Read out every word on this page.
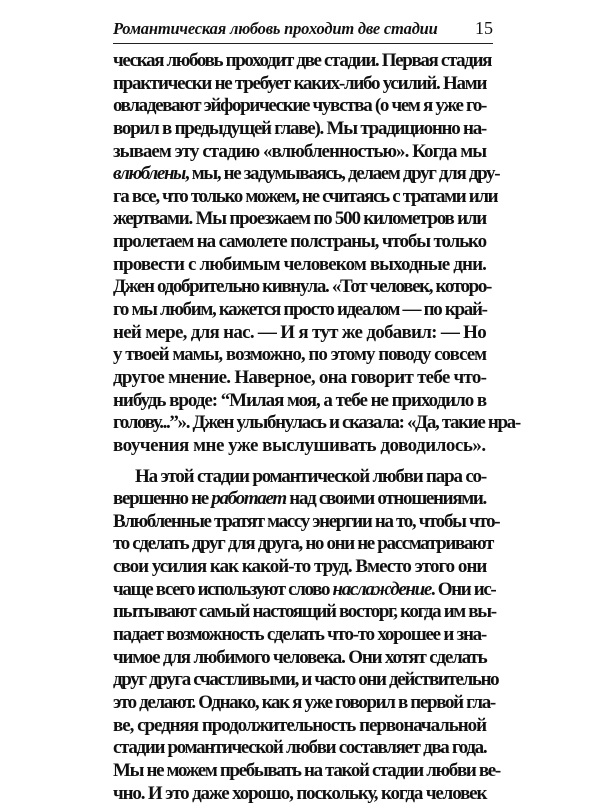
Романтическая любовь проходит две стадии 15
ческая любовь проходит две стадии. Первая стадия
практически не требует каких-либо усилий. Нами
овладевают эйфорические чувства (о чем я уже го-
ворил в предыдущей главе). Мы традиционно на-
зываем эту стадию «влюбленностью». Когда мы
влюблены, мы, не задумываясь, делаем друг для дру-
га все, что только можем, не считаясь с тратами или
жертвами. Мы проезжаем по 500 километров или
пролетаем на самолете полстраны, чтобы только
провести с любимым человеком выходные дни.
Джен одобрительно кивнула. «Тот человек, которо-
го мы любим, кажется просто идеалом — по край-
ней мере, для нас. — И я тут же добавил: — Но
у твоей мамы, возможно, по этому поводу совсем
другое мнение. Наверное, она говорит тебе что-
нибудь вроде: “Милая моя, а тебе не приходило в
голову...”». Джен улыбнулась и сказала: «Да, такие нра-
воучения мне уже выслушивать доводилось».
На этой стадии романтической любви пара со-
вершенно не работает над своими отношениями.
Влюбленные тратят массу энергии на то, чтобы что-
то сделать друг для друга, но они не рассматривают
свои усилия как какой-то труд. Вместо этого они
чаще всего используют слово наслаждение. Они ис-
пытывают самый настоящий восторг, когда им вы-
падает возможность сделать что-то хорошее и зна-
чимое для любимого человека. Они хотят сделать
друг друга счастливыми, и часто они действительно
это делают. Однако, как я уже говорил в первой гла-
ве, средняя продолжительность первоначальной
стадии романтической любви составляет два года.
Мы не можем пребывать на такой стадии любви ве-
чно. И это даже хорошо, поскольку, когда человек
